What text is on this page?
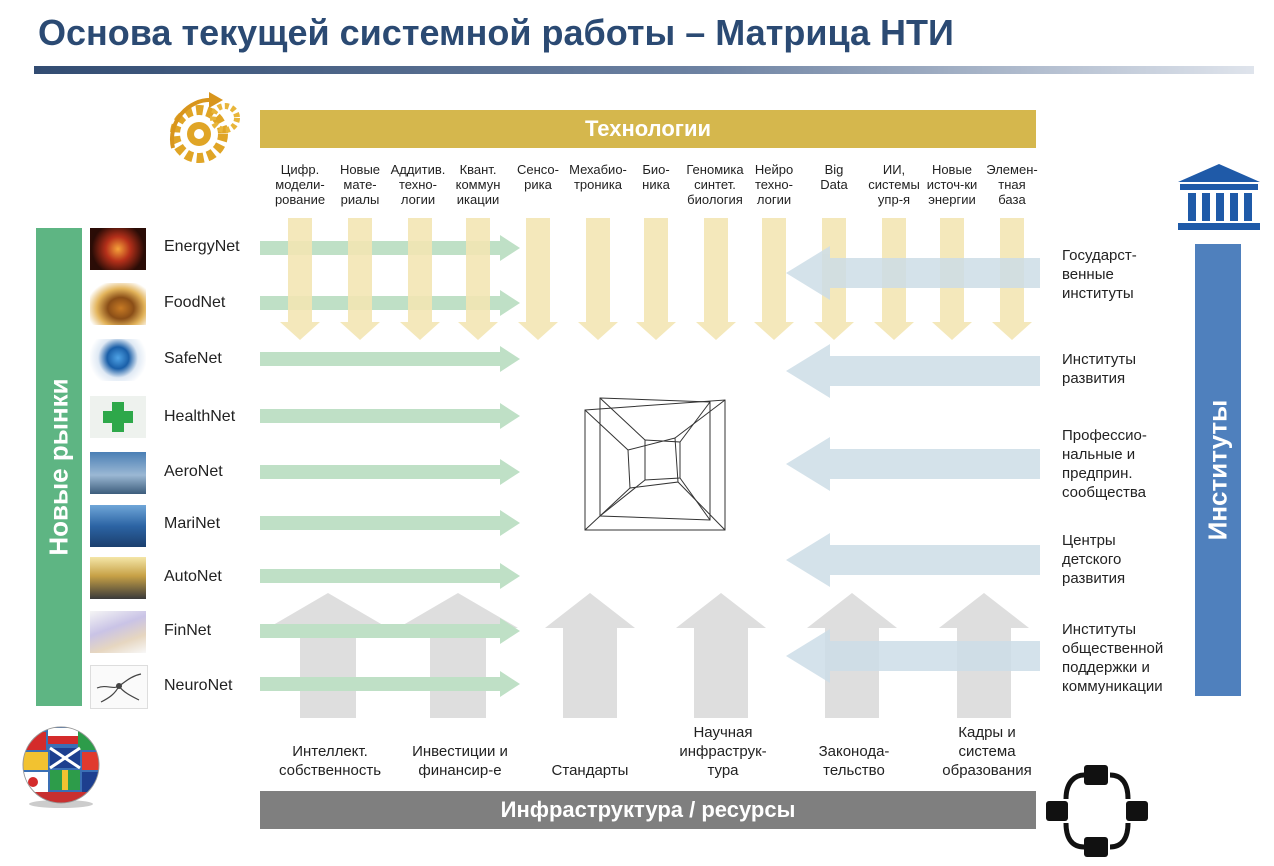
Основа текущей системной работы – Матрица НТИ
Технологии
Цифр.
модели-
рование
Новые
мате-
риалы
Аддитив.
техно-
логии
Квант.
коммун
икации
Сенсо-
рика
Мехабио-
троника
Био-
ника
Геномика
синтет.
биология
Нейро
техно-
логии
Big
Data
ИИ,
системы
упр-я
Новые
источ-ки
энергии
Элемен-
тная
база
Новые рынки
EnergyNet
FoodNet
SafeNet
HealthNet
AeroNet
MariNet
AutoNet
FinNet
NeuroNet
Институты
Государст-
венные
институты
Институты
развития
Професcио-
нальные и
предприн.
сообщества
Центры
детского
развития
Институты
общественной
поддержки и
коммуникации
Интеллект.
собственность
Инвестиции и
финансир-е	Стандарты
Научная
инфраструк-
тура
Законода-
тельство
Кадры и
система
образования
Инфраструктура / ресурсы
